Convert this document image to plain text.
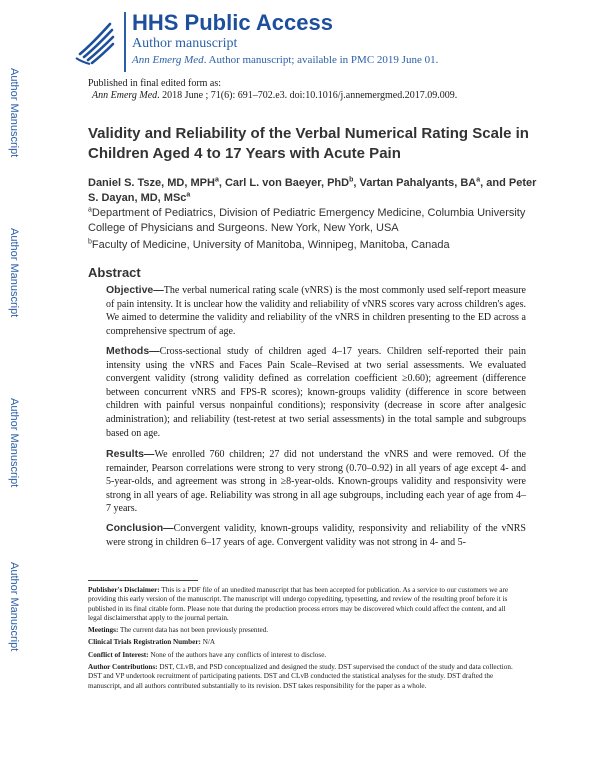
Author Manuscript
Author Manuscript
Author Manuscript
Author Manuscript
HHS Public Access
Author manuscript
Ann Emerg Med. Author manuscript; available in PMC 2019 June 01.
Published in final edited form as:
Ann Emerg Med. 2018 June ; 71(6): 691–702.e3. doi:10.1016/j.annemergmed.2017.09.009.
Validity and Reliability of the Verbal Numerical Rating Scale in Children Aged 4 to 17 Years with Acute Pain
Daniel S. Tsze, MD, MPH$^a$, Carl L. von Baeyer, PhD$^b$, Vartan Pahalyants, $BA^a$, and Peter S. Dayan, MD, MSc$^a$
$^a$Department of Pediatrics, Division of Pediatric Emergency Medicine, Columbia University College of Physicians and Surgeons. New York, New York, USA
$^b$Faculty of Medicine, University of Manitoba, Winnipeg, Manitoba, Canada
Abstract
Objective—The verbal numerical rating scale (vNRS) is the most commonly used self-report measure of pain intensity. It is unclear how the validity and reliability of vNRS scores vary across children's ages. We aimed to determine the validity and reliability of the vNRS in children presenting to the ED across a comprehensive spectrum of age.
Methods—Cross-sectional study of children aged 4–17 years. Children self-reported their pain intensity using the vNRS and Faces Pain Scale–Revised at two serial assessments. We evaluated convergent validity (strong validity defined as correlation coefficient ≥0.60); agreement (difference between concurrent vNRS and FPS-R scores); known-groups validity (difference in score between children with painful versus nonpainful conditions); responsivity (decrease in score after analgesic administration); and reliability (test-retest at two serial assessments) in the total sample and subgroups based on age.
Results—We enrolled 760 children; 27 did not understand the vNRS and were removed. Of the remainder, Pearson correlations were strong to very strong (0.70–0.92) in all years of age except 4- and 5-year-olds, and agreement was strong in ≥8-year-olds. Known-groups validity and responsivity were strong in all years of age. Reliability was strong in all age subgroups, including each year of age from 4–7 years.
Conclusion—Convergent validity, known-groups validity, responsivity and reliability of the vNRS were strong in children 6–17 years of age. Convergent validity was not strong in 4- and 5-

Publisher's Disclaimer: This is a PDF file of an unedited manuscript that has been accepted for publication. As a service to our customers we are providing this early version of the manuscript. The manuscript will undergo copyediting, typesetting, and review of the resulting proof before it is published in its final citable form. Please note that during the production process errors may be discovered which could affect the content, and all legal disclaimersthat apply to the journal pertain.

Meetings: The current data has not been previously presented.

Clinical Trials Registration Number: N/A

Conflict of Interest: None of the authors have any conflicts of interest to disclose.

Author Contributions: DST, CLvB, and PSD conceptualized and designed the study. DST supervised the conduct of the study and data collection. DST and VP undertook recruitment of participating patients. DST and CLvB conducted the statistical analyses for the study. DST drafted the manuscript, and all authors contributed substantially to its revision. DST takes responsibility for the paper as a whole.
